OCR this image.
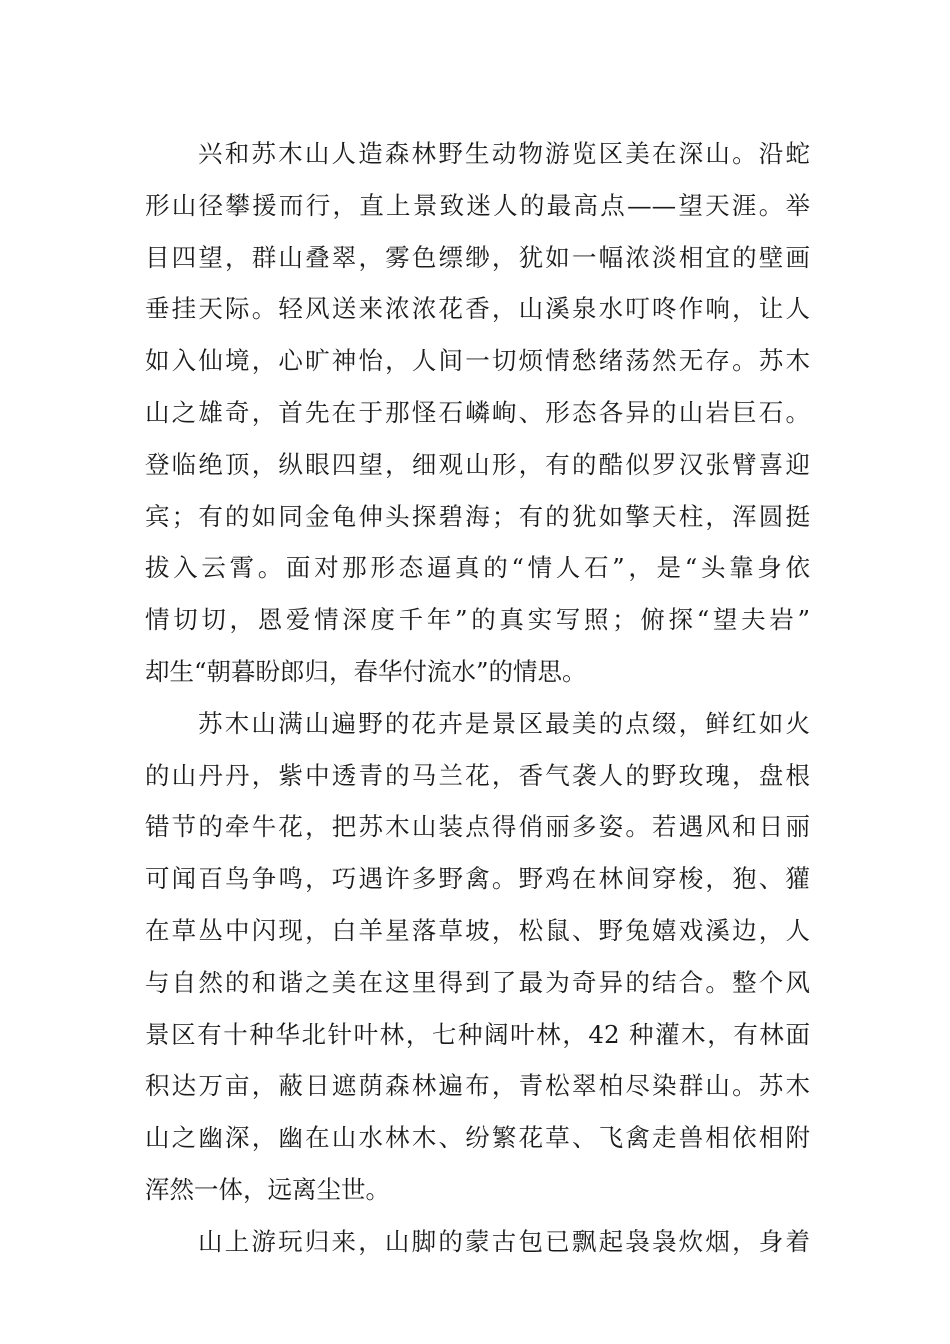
兴和苏木山人造森林野生动物游览区美在深山。沿蛇
形山径攀援而行，直上景致迷人的最高点——望天涯。举
目四望，群山叠翠，雾色缥缈，犹如一幅浓淡相宜的壁画
垂挂天际。轻风送来浓浓花香，山溪泉水叮咚作响，让人
如入仙境，心旷神怡，人间一切烦情愁绪荡然无存。苏木
山之雄奇，首先在于那怪石嶙峋、形态各异的山岩巨石。
登临绝顶，纵眼四望，细观山形，有的酷似罗汉张臂喜迎
宾；有的如同金龟伸头探碧海；有的犹如擎天柱，浑圆挺
拔入云霄。面对那形态逼真的“情人石”，是“头靠身依
情切切，恩爱情深度千年”的真实写照；俯探“望夫岩”
却生“朝暮盼郎归，春华付流水”的情思。
苏木山满山遍野的花卉是景区最美的点缀，鲜红如火
的山丹丹，紫中透青的马兰花，香气袭人的野玫瑰，盘根
错节的牵牛花，把苏木山装点得俏丽多姿。若遇风和日丽
可闻百鸟争鸣，巧遇许多野禽。野鸡在林间穿梭，狍、獾
在草丛中闪现，白羊星落草坡，松鼠、野兔嬉戏溪边，人
与自然的和谐之美在这里得到了最为奇异的结合。整个风
景区有十种华北针叶林，七种阔叶林，42 种灌木，有林面
积达万亩，蔽日遮荫森林遍布，青松翠柏尽染群山。苏木
山之幽深，幽在山水林木、纷繁花草、飞禽走兽相依相附
浑然一体，远离尘世。
山上游玩归来，山脚的蒙古包已飘起袅袅炊烟，身着
